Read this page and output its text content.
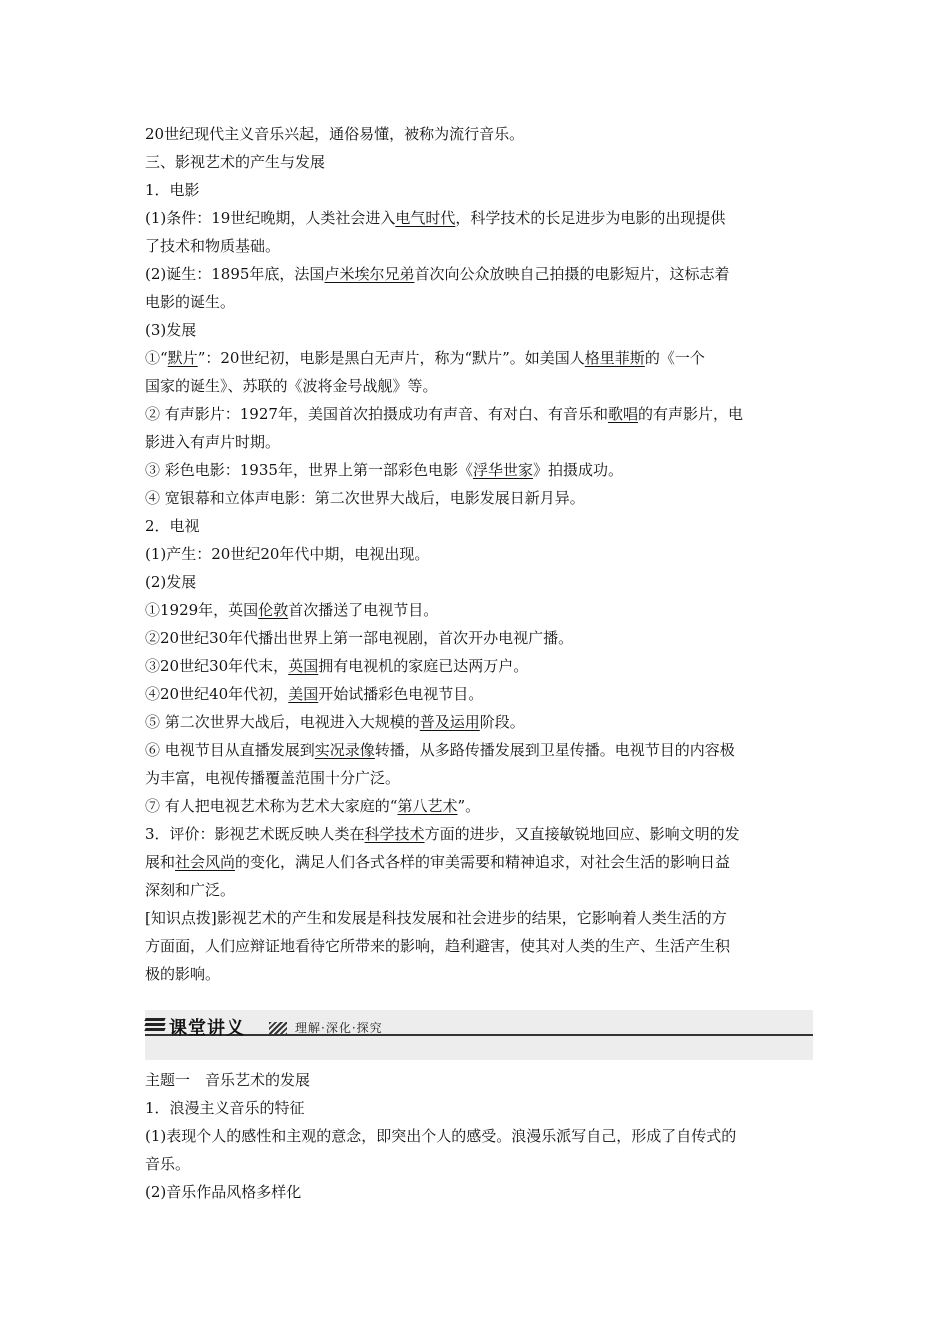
20世纪现代主义音乐兴起，通俗易懂，被称为流行音乐。
三、影视艺术的产生与发展
1．电影
(1)条件：19世纪晚期，人类社会进入电气时代，科学技术的长足进步为电影的出现提供
了技术和物质基础。
(2)诞生：1895年底，法国卢米埃尔兄弟首次向公众放映自己拍摄的电影短片，这标志着
电影的诞生。
(3)发展
①“默片”：20世纪初，电影是黑白无声片，称为“默片”。如美国人格里菲斯的《一个
国家的诞生》、苏联的《波将金号战舰》等。
② 有声影片：1927年，美国首次拍摄成功有声音、有对白、有音乐和歌唱的有声影片，电
影进入有声片时期。
③ 彩色电影：1935年，世界上第一部彩色电影《浮华世家》拍摄成功。
④ 宽银幕和立体声电影：第二次世界大战后，电影发展日新月异。
2．电视
(1)产生：20世纪20年代中期，电视出现。
(2)发展
①1929年，英国伦敦首次播送了电视节目。
②20世纪30年代播出世界上第一部电视剧，首次开办电视广播。
③20世纪30年代末，英国拥有电视机的家庭已达两万户。
④20世纪40年代初，美国开始试播彩色电视节目。
⑤ 第二次世界大战后，电视进入大规模的普及运用阶段。
⑥ 电视节目从直播发展到实况录像转播，从多路传播发展到卫星传播。电视节目的内容极
为丰富，电视传播覆盖范围十分广泛。
⑦ 有人把电视艺术称为艺术大家庭的“第八艺术”。
3．评价：影视艺术既反映人类在科学技术方面的进步，又直接敏锐地回应、影响文明的发
展和社会风尚的变化，满足人们各式各样的审美需要和精神追求，对社会生活的影响日益
深刻和广泛。
[知识点拨]影视艺术的产生和发展是科技发展和社会进步的结果，它影响着人类生活的方
方面面，人们应辩证地看待它所带来的影响，趋利避害，使其对人类的生产、生活产生积
极的影响。
课堂讲义	理解·深化·探究
主题一　音乐艺术的发展
1．浪漫主义音乐的特征
(1)表现个人的感性和主观的意念，即突出个人的感受。浪漫乐派写自己，形成了自传式的
音乐。
(2)音乐作品风格多样化
